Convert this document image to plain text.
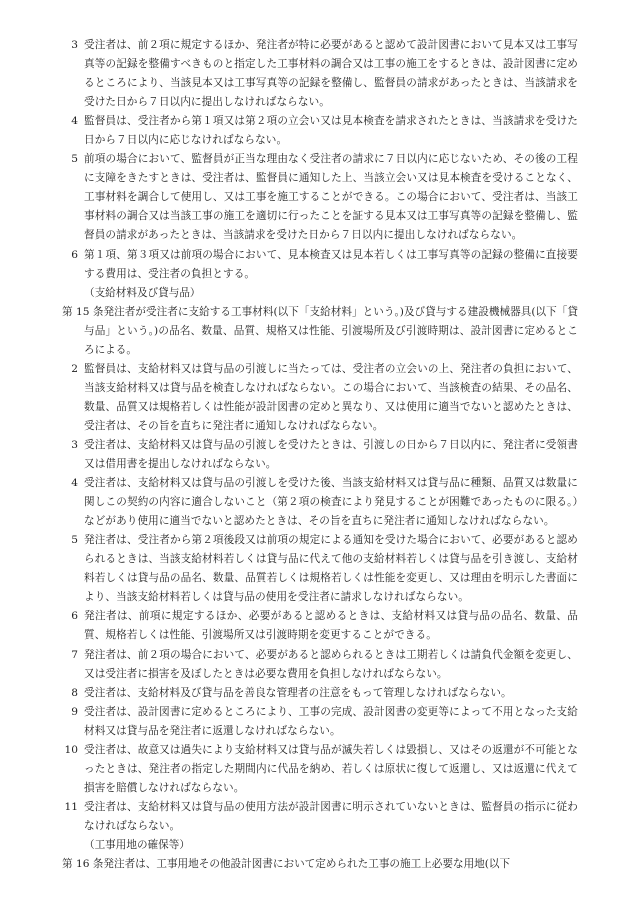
3 受注者は、前２項に規定するほか、発注者が特に必要があると認めて設計図書において見本又は工事写真等の記録を整備すべきものと指定した工事材料の調合又は工事の施工をするときは、設計図書に定めるところにより、当該見本又は工事写真等の記録を整備し、監督員の請求があったときは、当該請求を受けた日から７日以内に提出しなければならない。
4 監督員は、受注者から第１項又は第２項の立会い又は見本検査を請求されたときは、当該請求を受けた日から７日以内に応じなければならない。
5 前項の場合において、監督員が正当な理由なく受注者の請求に７日以内に応じないため、その後の工程に支障をきたすときは、受注者は、監督員に通知した上、当該立会い又は見本検査を受けることなく、工事材料を調合して使用し、又は工事を施工することができる。この場合において、受注者は、当該工事材料の調合又は当該工事の施工を適切に行ったことを証する見本又は工事写真等の記録を整備し、監督員の請求があったときは、当該請求を受けた日から７日以内に提出しなければならない。
6 第１項、第３項又は前項の場合において、見本検査又は見本若しくは工事写真等の記録の整備に直接要する費用は、受注者の負担とする。
（支給材料及び貸与品）
第 15 条発注者が受注者に支給する工事材料(以下「支給材料」という。)及び貸与する建設機械器具(以下「貸与品」という。)の品名、数量、品質、規格又は性能、引渡場所及び引渡時期は、設計図書に定めるところによる。
2 監督員は、支給材料又は貸与品の引渡しに当たっては、受注者の立会いの上、発注者の負担において、当該支給材料又は貸与品を検査しなければならない。この場合において、当該検査の結果、その品名、数量、品質又は規格若しくは性能が設計図書の定めと異なり、又は使用に適当でないと認めたときは、受注者は、その旨を直ちに発注者に通知しなければならない。
3 受注者は、支給材料又は貸与品の引渡しを受けたときは、引渡しの日から７日以内に、発注者に受領書又は借用書を提出しなければならない。
4 受注者は、支給材料又は貸与品の引渡しを受けた後、当該支給材料又は貸与品に種類、品質又は数量に関しこの契約の内容に適合しないこと（第２項の検査により発見することが困難であったものに限る。）などがあり使用に適当でないと認めたときは、その旨を直ちに発注者に通知しなければならない。
5 発注者は、受注者から第２項後段又は前項の規定による通知を受けた場合において、必要があると認められるときは、当該支給材料若しくは貸与品に代えて他の支給材料若しくは貸与品を引き渡し、支給材料若しくは貸与品の品名、数量、品質若しくは規格若しくは性能を変更し、又は理由を明示した書面により、当該支給材料若しくは貸与品の使用を受注者に請求しなければならない。
6 発注者は、前項に規定するほか、必要があると認めるときは、支給材料又は貸与品の品名、数量、品質、規格若しくは性能、引渡場所又は引渡時期を変更することができる。
7 発注者は、前２項の場合において、必要があると認められるときは工期若しくは請負代金額を変更し、又は受注者に損害を及ぼしたときは必要な費用を負担しなければならない。
8 受注者は、支給材料及び貸与品を善良な管理者の注意をもって管理しなければならない。
9 受注者は、設計図書に定めるところにより、工事の完成、設計図書の変更等によって不用となった支給材料又は貸与品を発注者に返還しなければならない。
10 受注者は、故意又は過失により支給材料又は貸与品が滅失若しくは毀損し、又はその返還が不可能となったときは、発注者の指定した期間内に代品を納め、若しくは原状に復して返還し、又は返還に代えて損害を賠償しなければならない。
11 受注者は、支給材料又は貸与品の使用方法が設計図書に明示されていないときは、監督員の指示に従わなければならない。
（工事用地の確保等）
第 16 条発注者は、工事用地その他設計図書において定められた工事の施工上必要な用地(以下
